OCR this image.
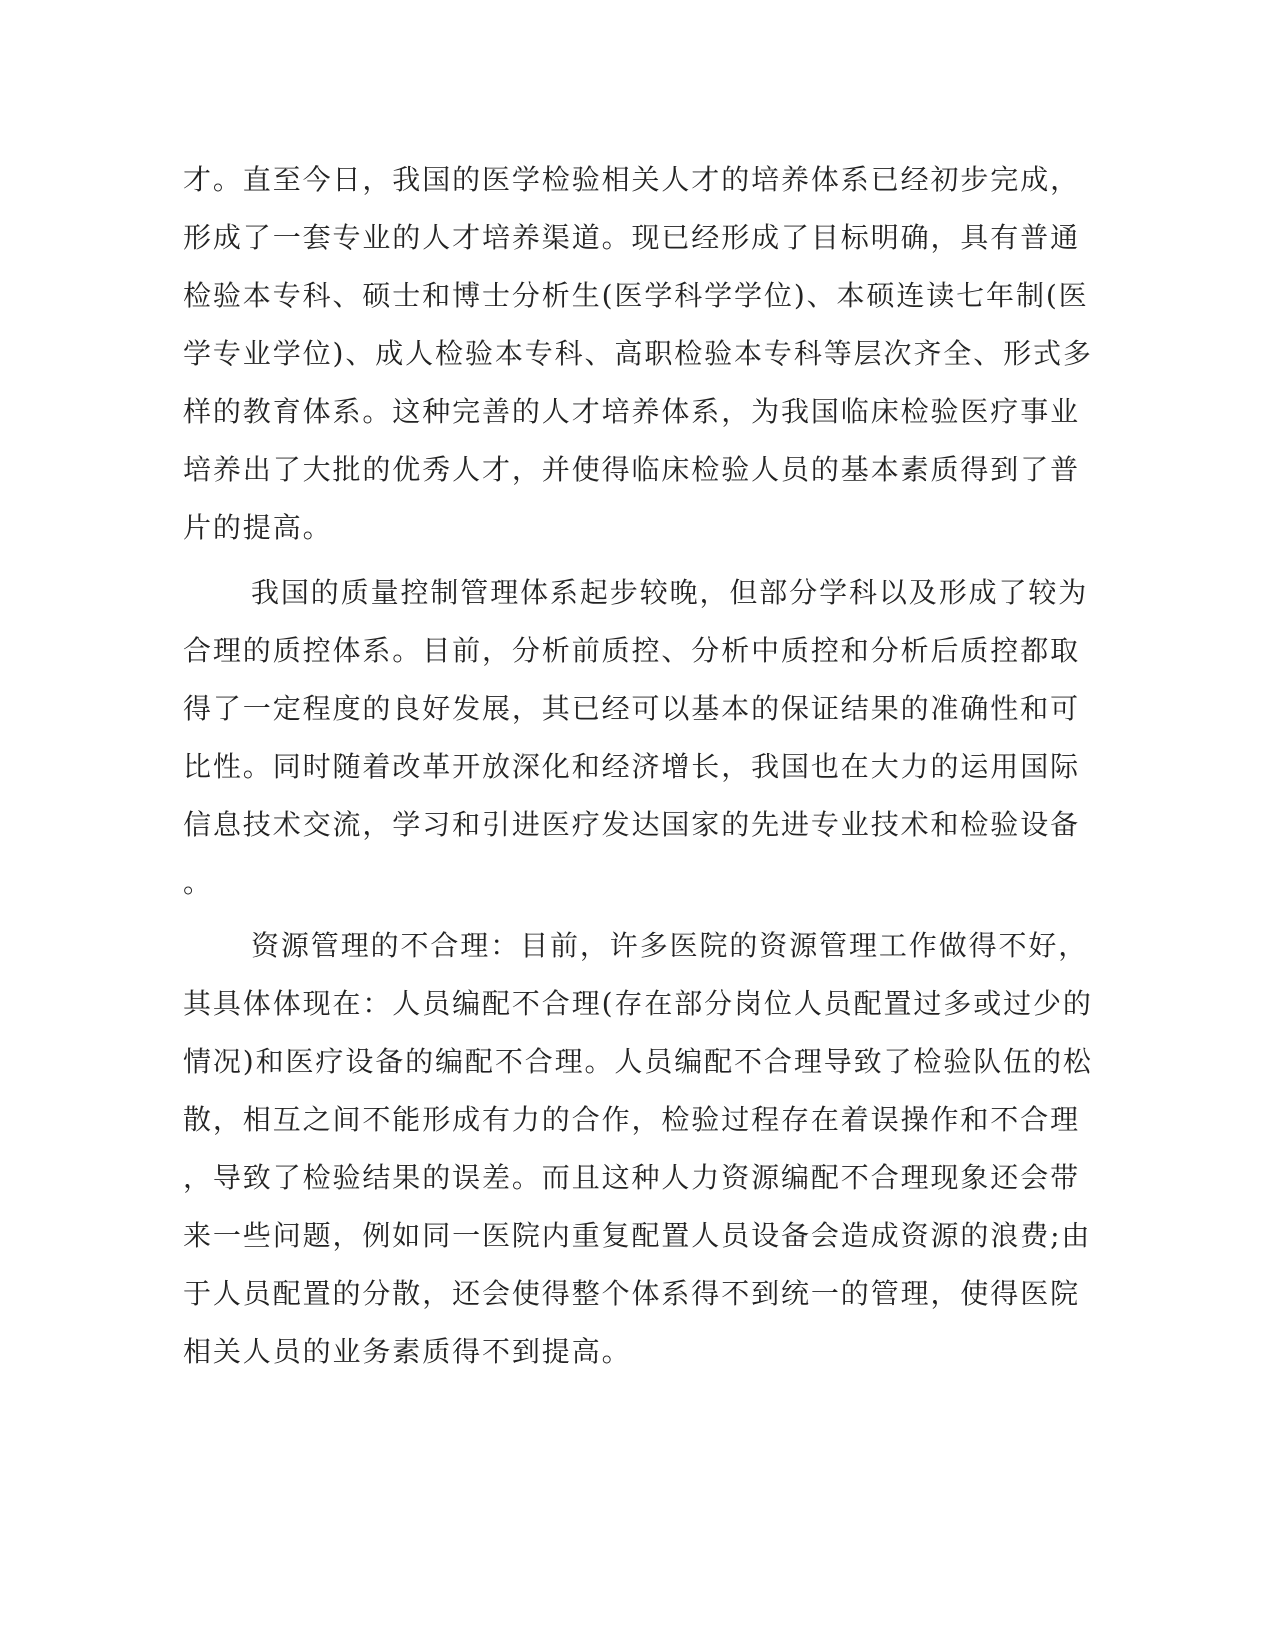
才。直至今日，我国的医学检验相关人才的培养体系已经初步完成，
形成了一套专业的人才培养渠道。现已经形成了目标明确，具有普通
检验本专科、硕士和博士分析生(医学科学学位)、本硕连读七年制(医
学专业学位)、成人检验本专科、高职检验本专科等层次齐全、形式多
样的教育体系。这种完善的人才培养体系，为我国临床检验医疗事业
培养出了大批的优秀人才，并使得临床检验人员的基本素质得到了普
片的提高。
我国的质量控制管理体系起步较晚，但部分学科以及形成了较为
合理的质控体系。目前，分析前质控、分析中质控和分析后质控都取
得了一定程度的良好发展，其已经可以基本的保证结果的准确性和可
比性。同时随着改革开放深化和经济增长，我国也在大力的运用国际
信息技术交流，学习和引进医疗发达国家的先进专业技术和检验设备
。
资源管理的不合理：目前，许多医院的资源管理工作做得不好，
其具体体现在：人员编配不合理(存在部分岗位人员配置过多或过少的
情况)和医疗设备的编配不合理。人员编配不合理导致了检验队伍的松
散，相互之间不能形成有力的合作，检验过程存在着误操作和不合理
，导致了检验结果的误差。而且这种人力资源编配不合理现象还会带
来一些问题，例如同一医院内重复配置人员设备会造成资源的浪费;由
于人员配置的分散，还会使得整个体系得不到统一的管理，使得医院
相关人员的业务素质得不到提高。
